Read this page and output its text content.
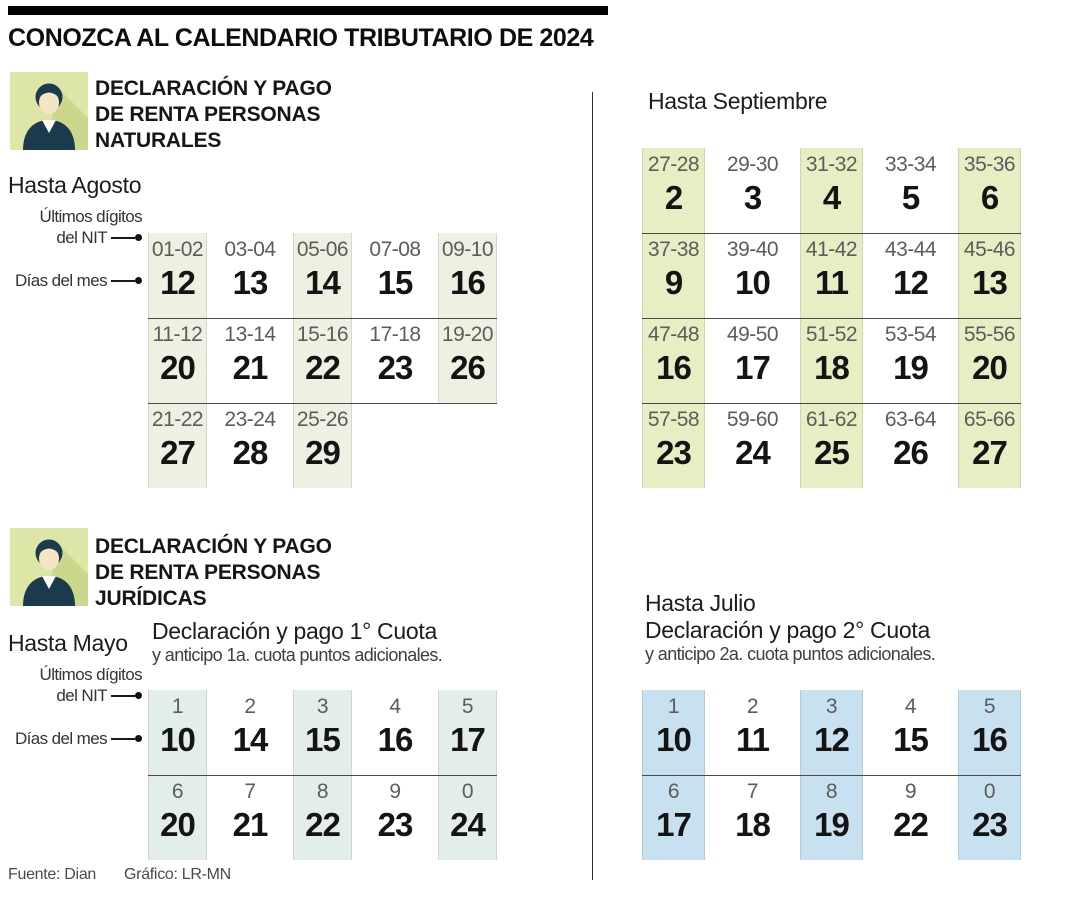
CONOZCA AL CALENDARIO TRIBUTARIO DE 2024
DECLARACIÓN Y PAGO
DE RENTA PERSONAS
NATURALES
Hasta Agosto
Últimos dígitos
del NIT
Días del mes
01-02
12
03-04
13
05-06
14
07-08
15
09-10
16
11-12
20
13-14
21
15-16
22
17-18
23
19-20
26
21-22
27
23-24
28
25-26
29
Hasta Septiembre
27-28
2
29-30
3
31-32
4
33-34
5
35-36
6
37-38
9
39-40
10
41-42
11
43-44
12
45-46
13
47-48
16
49-50
17
51-52
18
53-54
19
55-56
20
57-58
23
59-60
24
61-62
25
63-64
26
65-66
27
DECLARACIÓN Y PAGO
DE RENTA PERSONAS
JURÍDICAS
Hasta Mayo Declaración y pago 1° Cuota
y anticipo 1a. cuota puntos adicionales.
Últimos dígitos
del NIT
Días del mes
1
10
2
14
3
15
4
16
5
17
6
20
7
21
8
22
9
23
0
24
Hasta Julio
Declaración y pago 2° Cuota
y anticipo 2a. cuota puntos adicionales.
1
10
2
11
3
12
4
15
5
16
6
17
7
18
8
19
9
22
0
23
Fuente: Dian Gráfico: LR-MN
